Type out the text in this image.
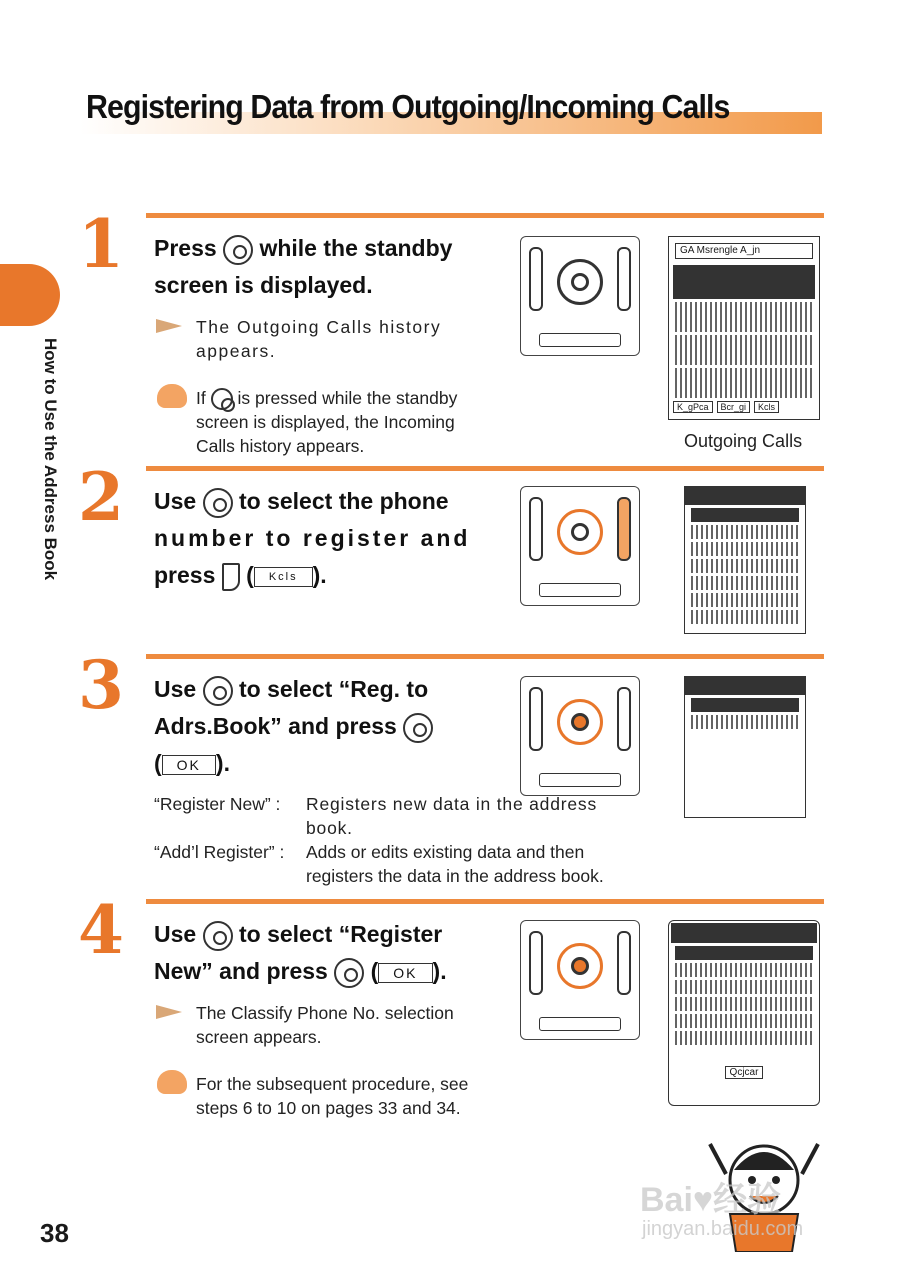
Registering Data from Outgoing/Incoming Calls
How to Use the Address Book
1 Press while the standby
screen is displayed.
The Outgoing Calls history appears.
If is pressed while the standby screen is displayed, the Incoming Calls history appears.
GA Msrengle A_jn
K_gPca	Bcr_gi	Kcls
Outgoing Calls
2 Use to select the phone
number to register and
press ( Kcls ).
3 Use to select “Reg. to
Adrs.Book” and press
( OK ).
“Register New” :	Registers new data in the address book.
“Add’l Register” :	Adds or edits existing data and then registers the data in the address book.
4 Use to select “Register
New” and press ( OK ).
The Classify Phone No. selection screen appears.
For the subsequent procedure, see steps 6 to 10 on pages 33 and 34.
Qcjcar
Bai♥经验
jingyan.baidu.com
38
